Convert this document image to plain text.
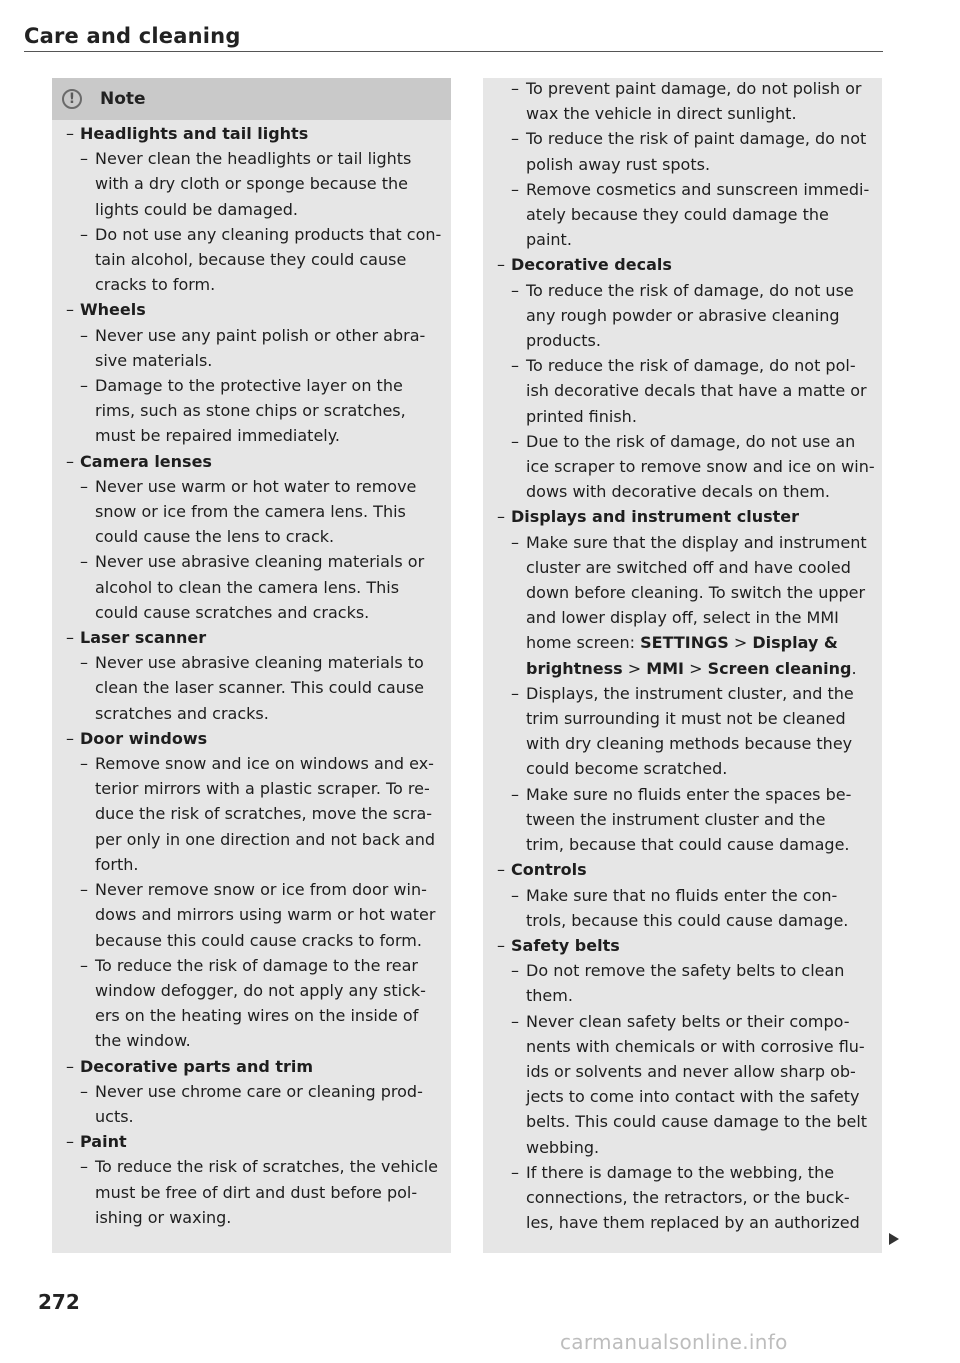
Care and cleaning
!	Note
– Headlights and tail lights
– Never clean the headlights or tail lights
with a dry cloth or sponge because the
lights could be damaged.
– Do not use any cleaning products that con-
tain alcohol, because they could cause
cracks to form.
– Wheels
– Never use any paint polish or other abra-
sive materials.
– Damage to the protective layer on the
rims, such as stone chips or scratches,
must be repaired immediately.
– Camera lenses
– Never use warm or hot water to remove
snow or ice from the camera lens. This
could cause the lens to crack.
– Never use abrasive cleaning materials or
alcohol to clean the camera lens. This
could cause scratches and cracks.
– Laser scanner
– Never use abrasive cleaning materials to
clean the laser scanner. This could cause
scratches and cracks.
– Door windows
– Remove snow and ice on windows and ex-
terior mirrors with a plastic scraper. To re-
duce the risk of scratches, move the scra-
per only in one direction and not back and
forth.
– Never remove snow or ice from door win-
dows and mirrors using warm or hot water
because this could cause cracks to form.
– To reduce the risk of damage to the rear
window defogger, do not apply any stick-
ers on the heating wires on the inside of
the window.
– Decorative parts and trim
– Never use chrome care or cleaning prod-
ucts.
– Paint
– To reduce the risk of scratches, the vehicle
must be free of dirt and dust before pol-
ishing or waxing.
– To prevent paint damage, do not polish or
wax the vehicle in direct sunlight.
– To reduce the risk of paint damage, do not
polish away rust spots.
– Remove cosmetics and sunscreen immedi-
ately because they could damage the
paint.
– Decorative decals
– To reduce the risk of damage, do not use
any rough powder or abrasive cleaning
products.
– To reduce the risk of damage, do not pol-
ish decorative decals that have a matte or
printed finish.
– Due to the risk of damage, do not use an
ice scraper to remove snow and ice on win-
dows with decorative decals on them.
– Displays and instrument cluster
– Make sure that the display and instrument
cluster are switched off and have cooled
down before cleaning. To switch the upper
and lower display off, select in the MMI
home screen: SETTINGS > Display &
brightness > MMI > Screen cleaning.
– Displays, the instrument cluster, and the
trim surrounding it must not be cleaned
with dry cleaning methods because they
could become scratched.
– Make sure no fluids enter the spaces be-
tween the instrument cluster and the
trim, because that could cause damage.
– Controls
– Make sure that no fluids enter the con-
trols, because this could cause damage.
– Safety belts
– Do not remove the safety belts to clean
them.
– Never clean safety belts or their compo-
nents with chemicals or with corrosive flu-
ids or solvents and never allow sharp ob-
jects to come into contact with the safety
belts. This could cause damage to the belt
webbing.
– If there is damage to the webbing, the
connections, the retractors, or the buck-
les, have them replaced by an authorized
272
carmanualsonline.info
